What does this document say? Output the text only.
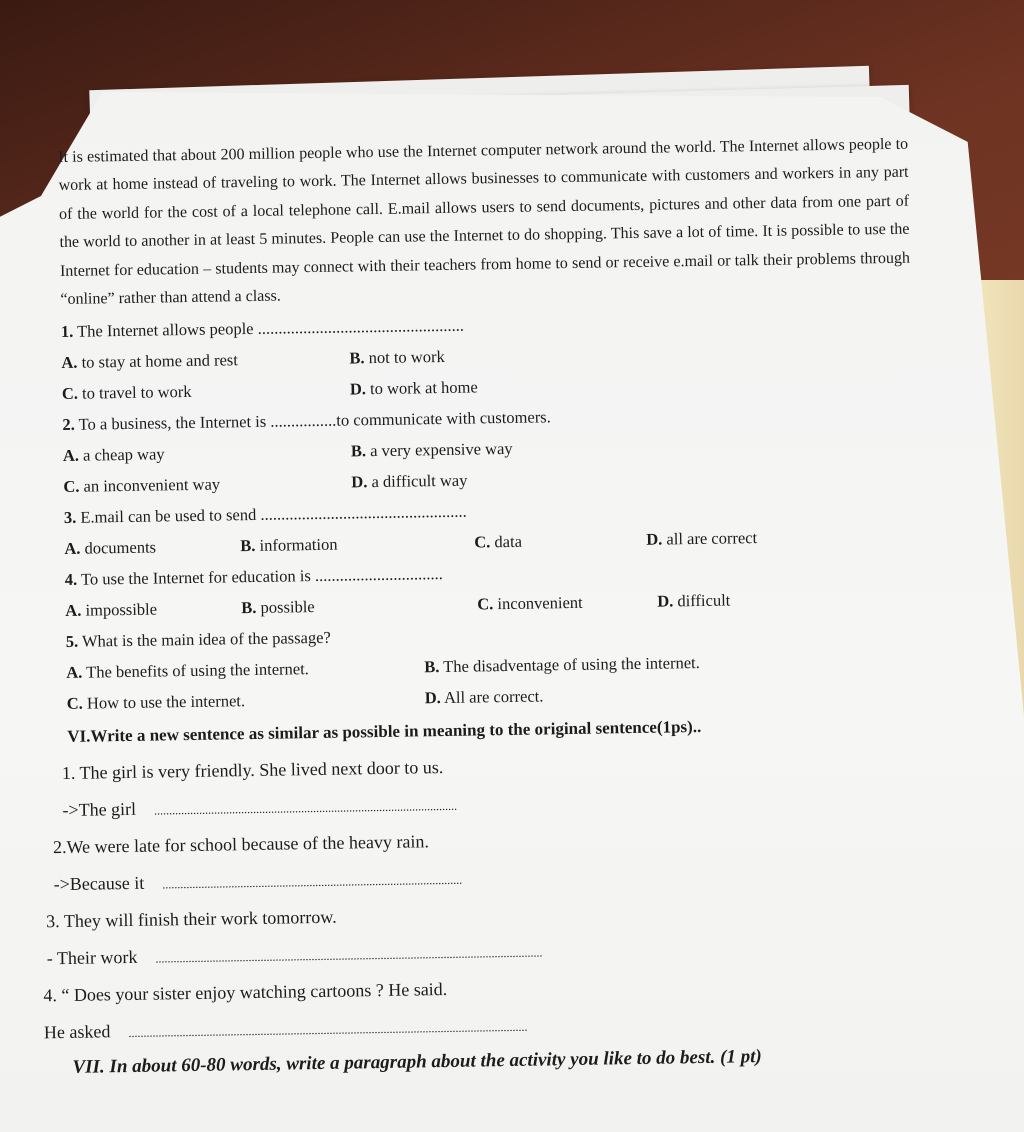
It is estimated that about 200 million people who use the Internet computer network around the world. The Internet allows people to work at home instead of traveling to work. The Internet allows businesses to communicate with customers and workers in any part of the world for the cost of a local telephone call. E.mail allows users to send documents, pictures and other data from one part of the world to another in at least 5 minutes. People can use the Internet to do shopping. This save a lot of time. It is possible to use the Internet for education – students may connect with their teachers from home to send or receive e.mail or talk their problems through “online” rather than attend a class.

1. The Internet allows people ..................................................
A. to stay at home and rest	B. not to work
C. to travel to work	D. to work at home
2. To a business, the Internet is ................to communicate with customers.
A. a cheap way	B. a very expensive way
C. an inconvenient way	D. a difficult way
3. E.mail can be used to send ..................................................
A. documents	B. information	C. data	D. all are correct
4. To use the Internet for education is ...............................
A. impossible	B. possible	C. inconvenient	D. difficult
5. What is the main idea of the passage?
A. The benefits of using the internet.	B. The disadventage of using the internet.
C. How to use the internet.	D. All are correct.
VI.Write a new sentence as similar as possible in meaning to the original sentence(1ps)..
1. The girl is very friendly. She lived next door to us.
->The girl .....................................................................................................
2.We were late for school because of the heavy rain.
->Because it ....................................................................................................
3. They will finish their work tomorrow.
- Their work .................................................................................................................................
4. “ Does your sister enjoy watching cartoons ? He said.
He asked .....................................................................................................................................
VII. In about 60-80 words, write a paragraph about the activity you like to do best. (1 pt)
